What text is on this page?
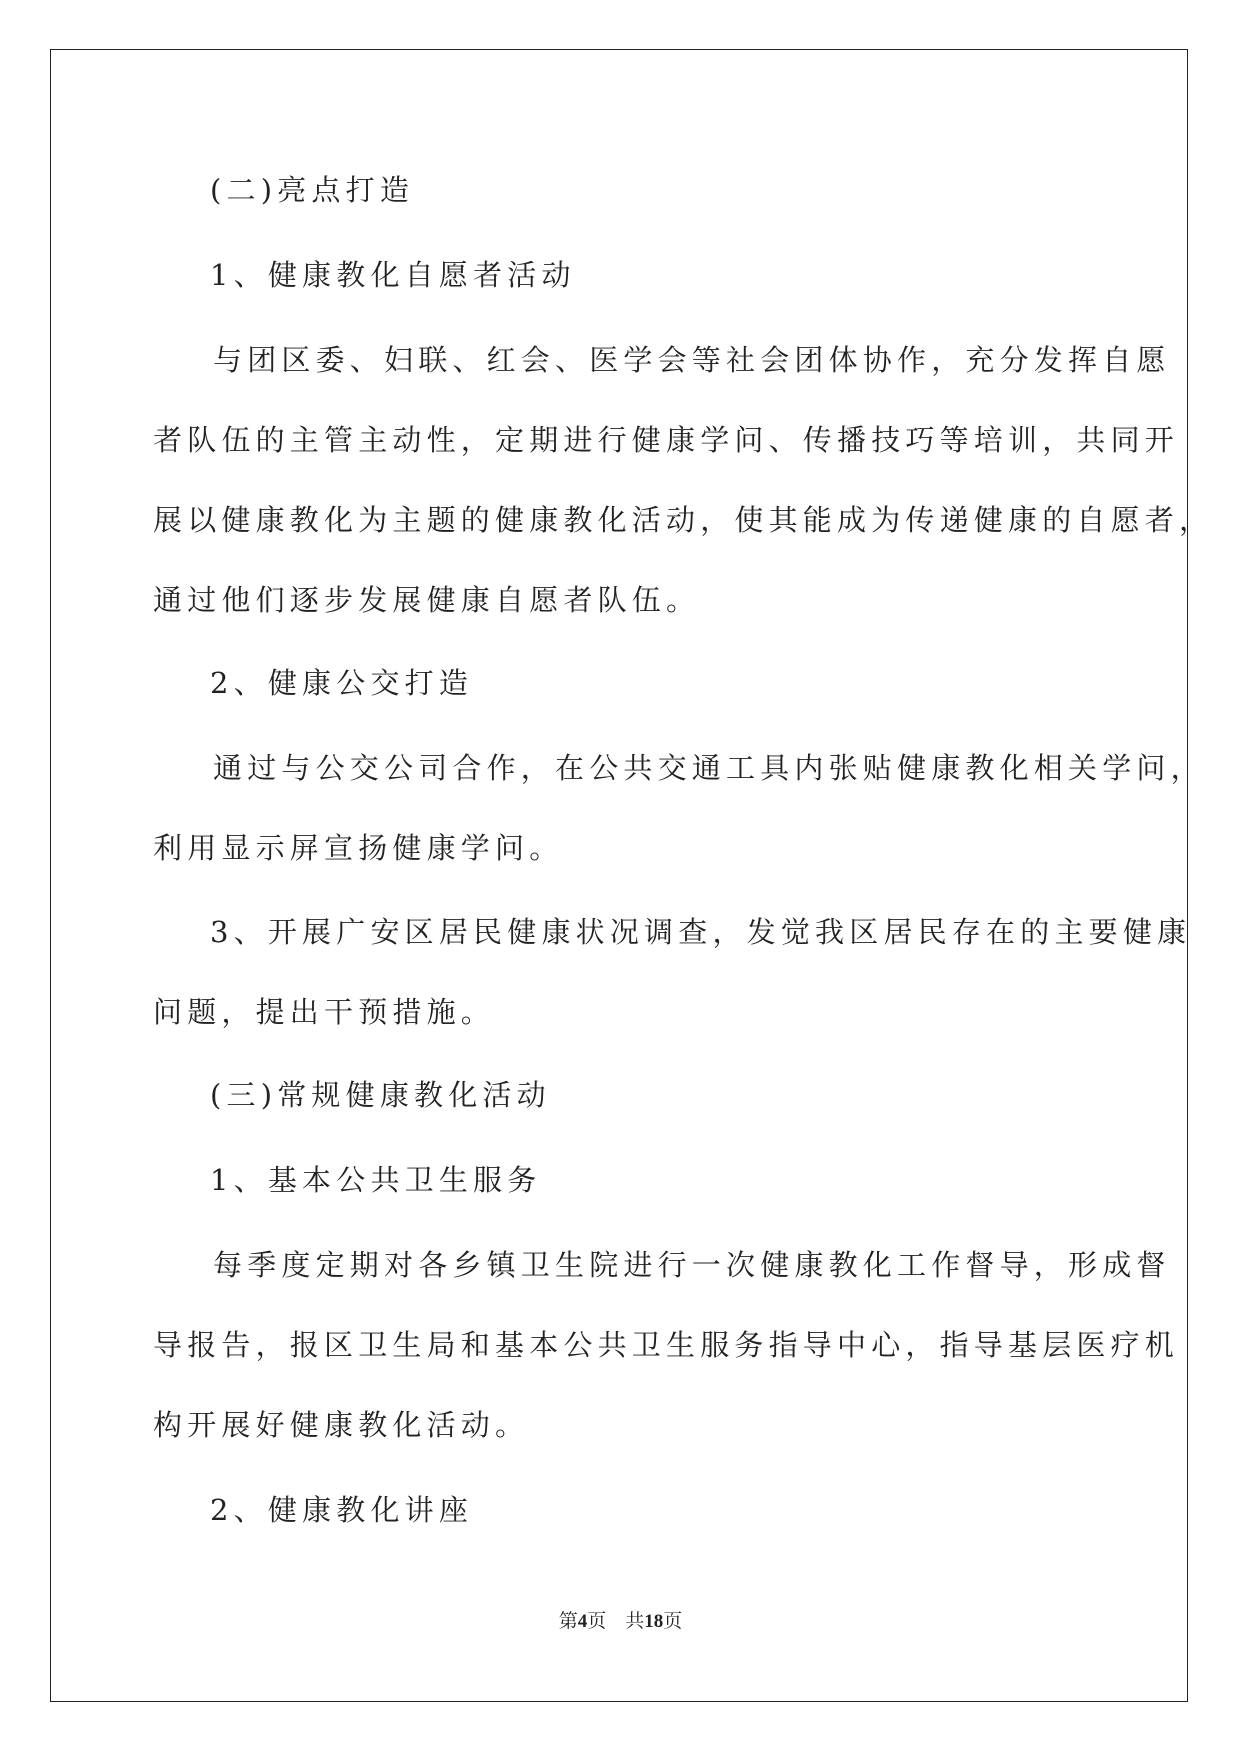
(二)亮点打造

1、健康教化自愿者活动

与团区委、妇联、红会、医学会等社会团体协作，充分发挥自愿

者队伍的主管主动性，定期进行健康学问、传播技巧等培训，共同开

展以健康教化为主题的健康教化活动，使其能成为传递健康的自愿者，

通过他们逐步发展健康自愿者队伍。

2、健康公交打造

通过与公交公司合作，在公共交通工具内张贴健康教化相关学问，

利用显示屏宣扬健康学问。

3、开展广安区居民健康状况调查，发觉我区居民存在的主要健康

问题，提出干预措施。

(三)常规健康教化活动

1、基本公共卫生服务

每季度定期对各乡镇卫生院进行一次健康教化工作督导，形成督

导报告，报区卫生局和基本公共卫生服务指导中心，指导基层医疗机

构开展好健康教化活动。

2、健康教化讲座

第4页 共18页
